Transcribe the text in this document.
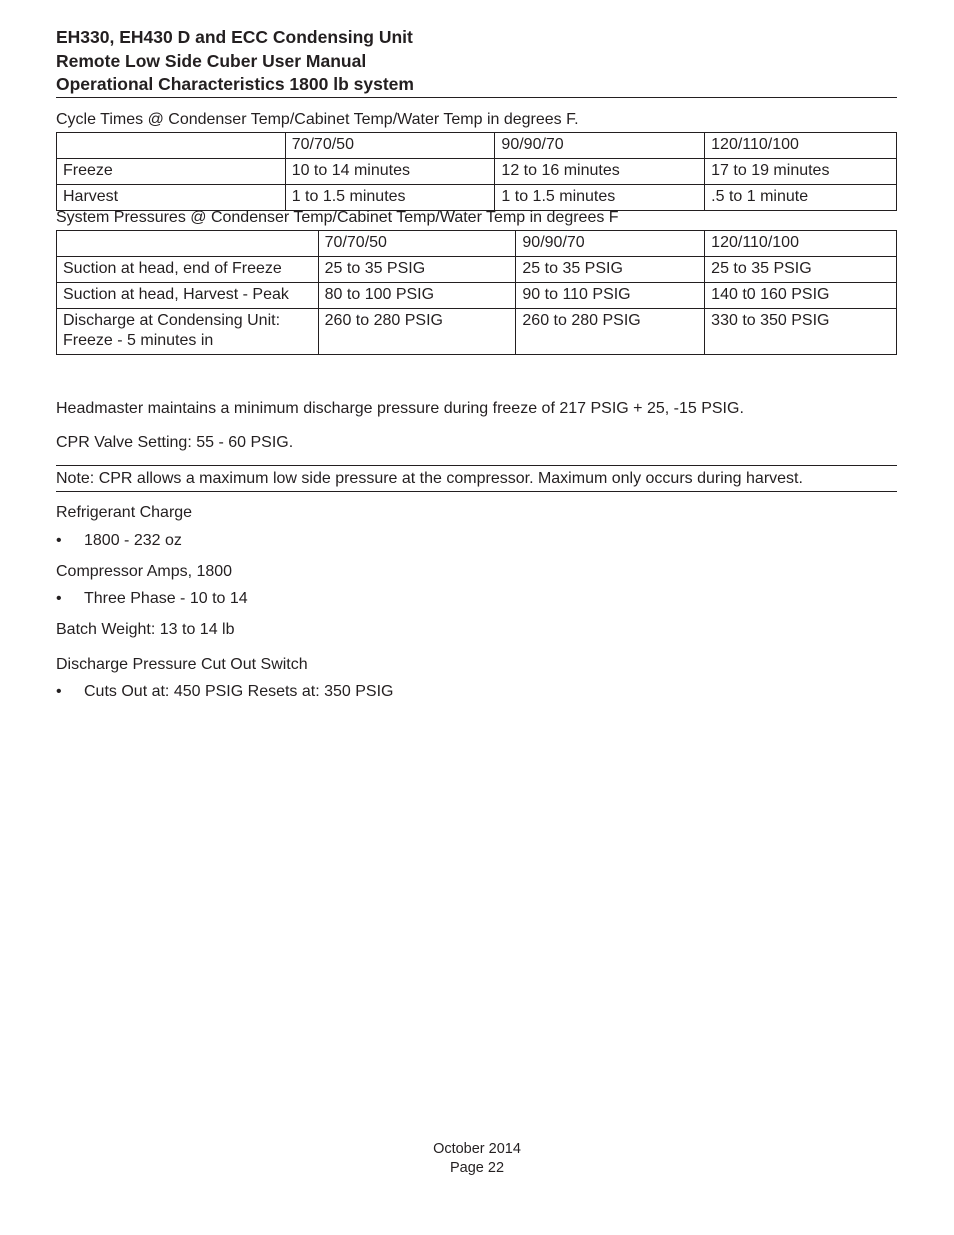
EH330, EH430 D and ECC Condensing Unit
Remote Low Side Cuber User Manual
Operational Characteristics 1800 lb system
Cycle Times @ Condenser Temp/Cabinet Temp/Water Temp in degrees F.
	70/70/50	90/90/70	120/110/100
Freeze	10 to 14 minutes	12 to 16 minutes	17 to 19 minutes
Harvest	1 to 1.5 minutes	1 to 1.5 minutes	.5 to 1 minute
System Pressures @ Condenser Temp/Cabinet Temp/Water Temp in degrees F
	70/70/50	90/90/70	120/110/100
Suction at head, end of Freeze	25 to 35 PSIG	25 to 35 PSIG	25 to 35 PSIG
Suction at head, Harvest - Peak	80 to 100 PSIG	90 to 110 PSIG	140 t0 160 PSIG

Discharge at Condensing Unit:
Freeze - 5 minutes in	260 to 280 PSIG	260 to 280 PSIG	330 to 350 PSIG
Headmaster maintains a minimum discharge pressure during freeze of 217 PSIG + 25, -15 PSIG.
CPR Valve Setting: 55 - 60 PSIG.
Note: CPR allows a maximum low side pressure at the compressor. Maximum only occurs during harvest.
Refrigerant Charge
• 1800 - 232 oz
Compressor Amps, 1800
• Three Phase - 10 to 14
Batch Weight: 13 to 14 lb
Discharge Pressure Cut Out Switch
• Cuts Out at: 450 PSIG Resets at: 350 PSIG
October 2014
Page 22
